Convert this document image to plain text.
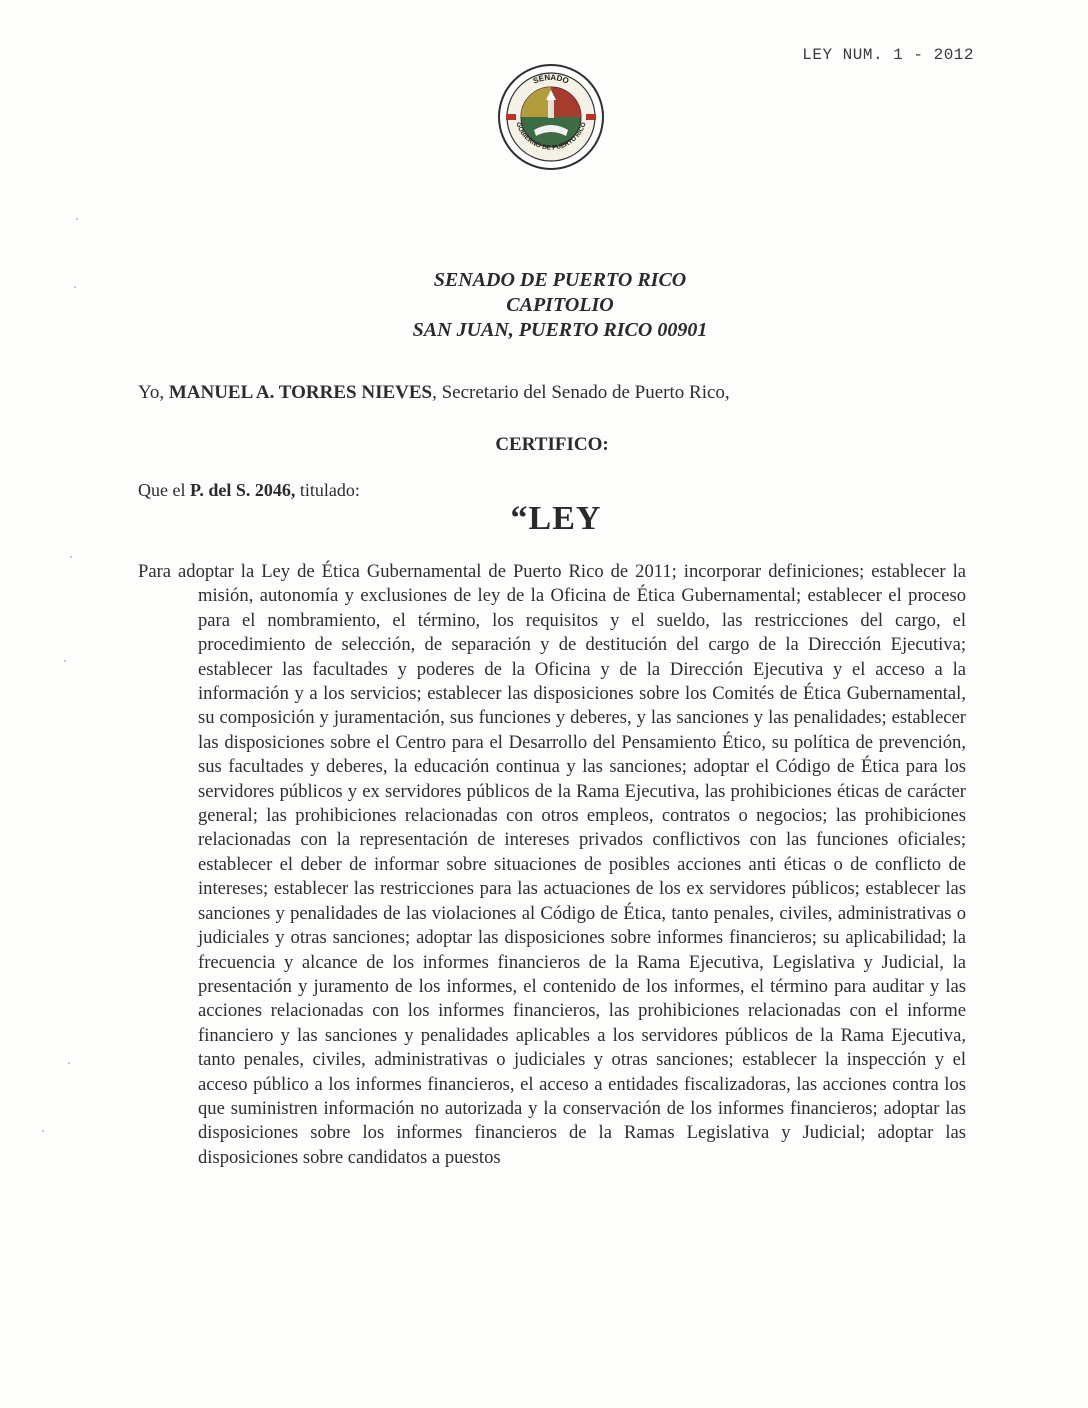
LEY NUM. 1 - 2012
SENADO
GOBIERNO DE PUERTO RICO
SENADO DE PUERTO RICO
CAPITOLIO
SAN JUAN, PUERTO RICO 00901
Yo, MANUEL A. TORRES NIEVES, Secretario del Senado de Puerto Rico,
CERTIFICO:
Que el P. del S. 2046, titulado:
“LEY
Para adoptar la Ley de Ética Gubernamental de Puerto Rico de 2011; incorporar definiciones; establecer la misión, autonomía y exclusiones de ley de la Oficina de Ética Gubernamental; establecer el proceso para el nombramiento, el término, los requisitos y el sueldo, las restricciones del cargo, el procedimiento de selección, de separación y de destitución del cargo de la Dirección Ejecutiva; establecer las facultades y poderes de la Oficina y de la Dirección Ejecutiva y el acceso a la información y a los servicios; establecer las disposiciones sobre los Comités de Ética Gubernamental, su composición y juramentación, sus funciones y deberes, y las sanciones y las penalidades; establecer las disposiciones sobre el Centro para el Desarrollo del Pensamiento Ético, su política de prevención, sus facultades y deberes, la educación continua y las sanciones; adoptar el Código de Ética para los servidores públicos y ex servidores públicos de la Rama Ejecutiva, las prohibiciones éticas de carácter general; las prohibiciones relacionadas con otros empleos, contratos o negocios; las prohibiciones relacionadas con la representación de intereses privados conflictivos con las funciones oficiales; establecer el deber de informar sobre situaciones de posibles acciones anti éticas o de conflicto de intereses; establecer las restricciones para las actuaciones de los ex servidores públicos; establecer las sanciones y penalidades de las violaciones al Código de Ética, tanto penales, civiles, administrativas o judiciales y otras sanciones; adoptar las disposiciones sobre informes financieros; su aplicabilidad; la frecuencia y alcance de los informes financieros de la Rama Ejecutiva, Legislativa y Judicial, la presentación y juramento de los informes, el contenido de los informes, el término para auditar y las acciones relacionadas con los informes financieros, las prohibiciones relacionadas con el informe financiero y las sanciones y penalidades aplicables a los servidores públicos de la Rama Ejecutiva, tanto penales, civiles, administrativas o judiciales y otras sanciones; establecer la inspección y el acceso público a los informes financieros, el acceso a entidades fiscalizadoras, las acciones contra los que suministren información no autorizada y la conservación de los informes financieros; adoptar las disposiciones sobre los informes financieros de la Ramas Legislativa y Judicial; adoptar las disposiciones sobre candidatos a puestos
